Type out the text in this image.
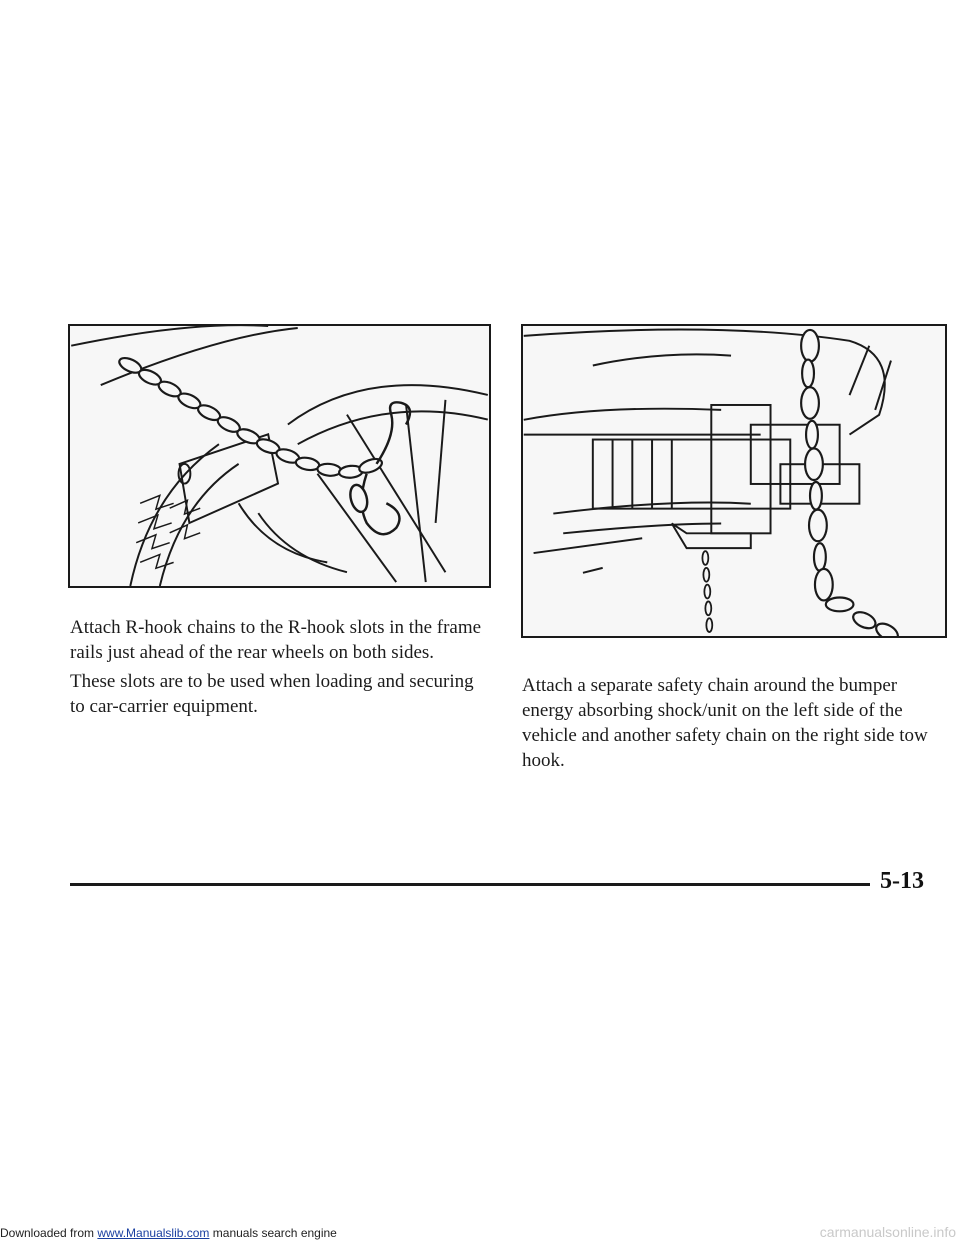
Attach R-hook chains to the R-hook slots in the frame rails just ahead of the rear wheels on both sides.

These slots are to be used when loading and securing to car-carrier equipment.

Attach a separate safety chain around the bumper energy absorbing shock/unit on the left side of the vehicle and another safety chain on the right side tow hook.

5-13
Downloaded from www.Manualslib.com manuals search engine	carmanualsonline.info
